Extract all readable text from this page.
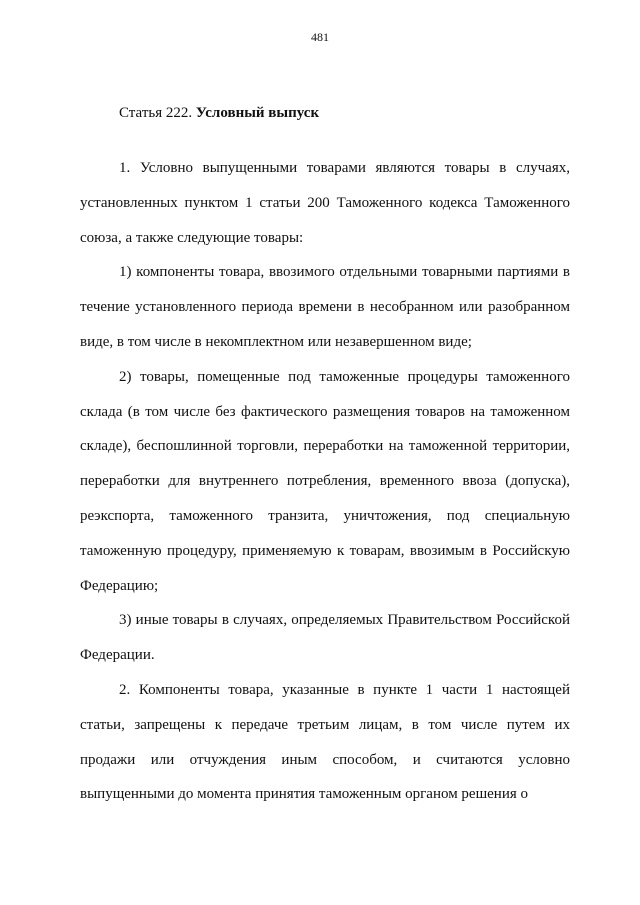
481
Статья 222. Условный выпуск

1. Условно выпущенными товарами являются товары в случаях, установленных пунктом 1 статьи 200 Таможенного кодекса Таможенного союза, а также следующие товары:

1) компоненты товара, ввозимого отдельными товарными партиями в течение установленного периода времени в несобранном или разобранном виде, в том числе в некомплектном или незавершенном виде;

2) товары, помещенные под таможенные процедуры таможенного склада (в том числе без фактического размещения товаров на таможенном складе), беспошлинной торговли, переработки на таможенной территории, переработки для внутреннего потребления, временного ввоза (допуска), реэкспорта, таможенного транзита, уничтожения, под специальную таможенную процедуру, применяемую к товарам, ввозимым в Российскую Федерацию;

3) иные товары в случаях, определяемых Правительством Российской Федерации.

2. Компоненты товара, указанные в пункте 1 части 1 настоящей статьи, запрещены к передаче третьим лицам, в том числе путем их продажи или отчуждения иным способом, и считаются условно выпущенными до момента принятия таможенным органом решения о
